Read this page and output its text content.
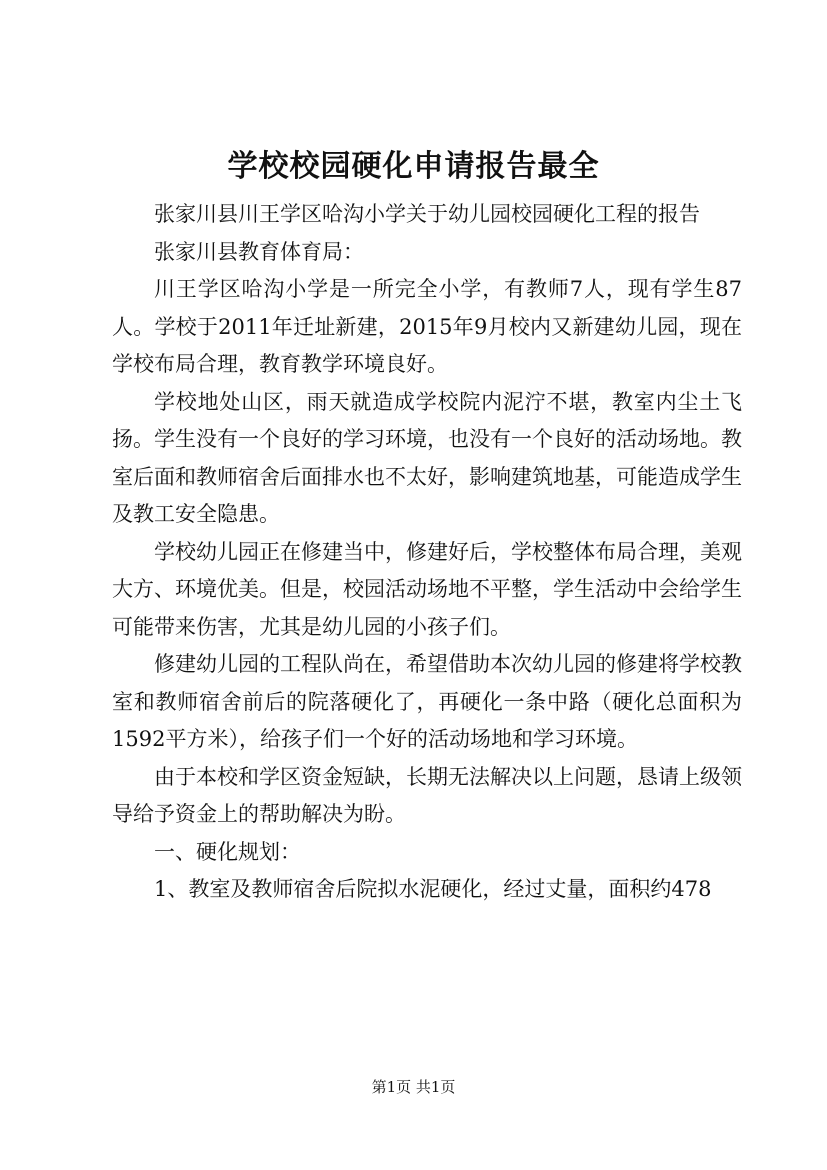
学校校园硬化申请报告最全

张家川县川王学区哈沟小学关于幼儿园校园硬化工程的报告

张家川县教育体育局：

川王学区哈沟小学是一所完全小学，有教师7人，现有学生87人。学校于2011年迁址新建，2015年9月校内又新建幼儿园，现在学校布局合理，教育教学环境良好。

学校地处山区，雨天就造成学校院内泥泞不堪，教室内尘土飞扬。学生没有一个良好的学习环境，也没有一个良好的活动场地。教室后面和教师宿舍后面排水也不太好，影响建筑地基，可能造成学生及教工安全隐患。

学校幼儿园正在修建当中，修建好后，学校整体布局合理，美观大方、环境优美。但是，校园活动场地不平整，学生活动中会给学生可能带来伤害，尤其是幼儿园的小孩子们。

修建幼儿园的工程队尚在，希望借助本次幼儿园的修建将学校教室和教师宿舍前后的院落硬化了，再硬化一条中路（硬化总面积为1592平方米），给孩子们一个好的活动场地和学习环境。

由于本校和学区资金短缺，长期无法解决以上问题，恳请上级领导给予资金上的帮助解决为盼。

一、硬化规划：

1、教室及教师宿舍后院拟水泥硬化，经过丈量，面积约478

第1页 共1页
